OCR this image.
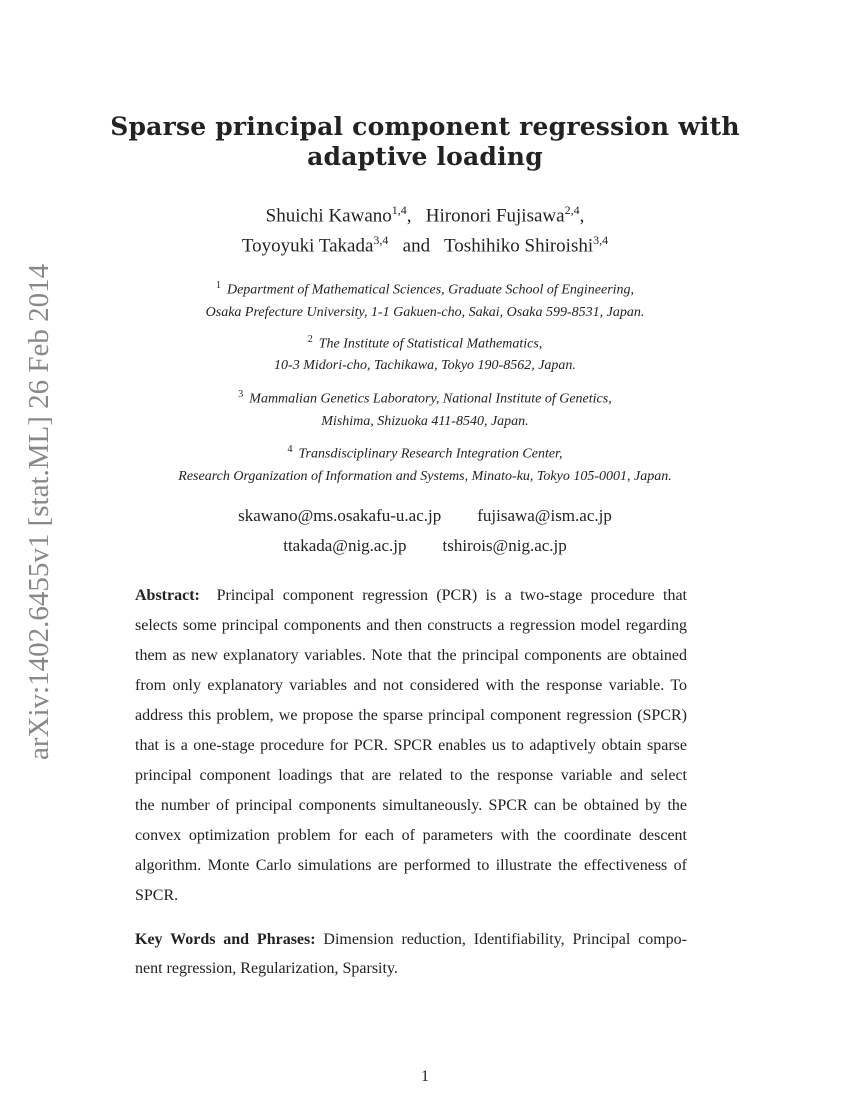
arXiv:1402.6455v1 [stat.ML] 26 Feb 2014
Sparse principal component regression with
adaptive loading
Shuichi Kawano$^{1,4}$, Hironori Fujisawa$^{2,4}$,
Toyoyuki Takada$^{3,4}$ and Toshihiko Shiroishi$^{3,4}$
$^1$ Department of Mathematical Sciences, Graduate School of Engineering,
Osaka Prefecture University, 1-1 Gakuen-cho, Sakai, Osaka 599-8531, Japan.
$^2$ The Institute of Statistical Mathematics,
10-3 Midori-cho, Tachikawa, Tokyo 190-8562, Japan.
$^3$ Mammalian Genetics Laboratory, National Institute of Genetics,
Mishima, Shizuoka 411-8540, Japan.
$^4$ Transdisciplinary Research Integration Center,
Research Organization of Information and Systems, Minato-ku, Tokyo 105-0001, Japan.
skawano@ms.osakafu-u.ac.jp fujisawa@ism.ac.jp
ttakada@nig.ac.jp tshirois@nig.ac.jp
Abstract: Principal component regression (PCR) is a two-stage procedure that
selects some principal components and then constructs a regression model regarding
them as new explanatory variables. Note that the principal components are obtained
from only explanatory variables and not considered with the response variable. To
address this problem, we propose the sparse principal component regression (SPCR)
that is a one-stage procedure for PCR. SPCR enables us to adaptively obtain sparse
principal component loadings that are related to the response variable and select
the number of principal components simultaneously. SPCR can be obtained by the
convex optimization problem for each of parameters with the coordinate descent
algorithm. Monte Carlo simulations are performed to illustrate the effectiveness of
SPCR.
Key Words and Phrases: Dimension reduction, Identifiability, Principal compo-
nent regression, Regularization, Sparsity.
1
